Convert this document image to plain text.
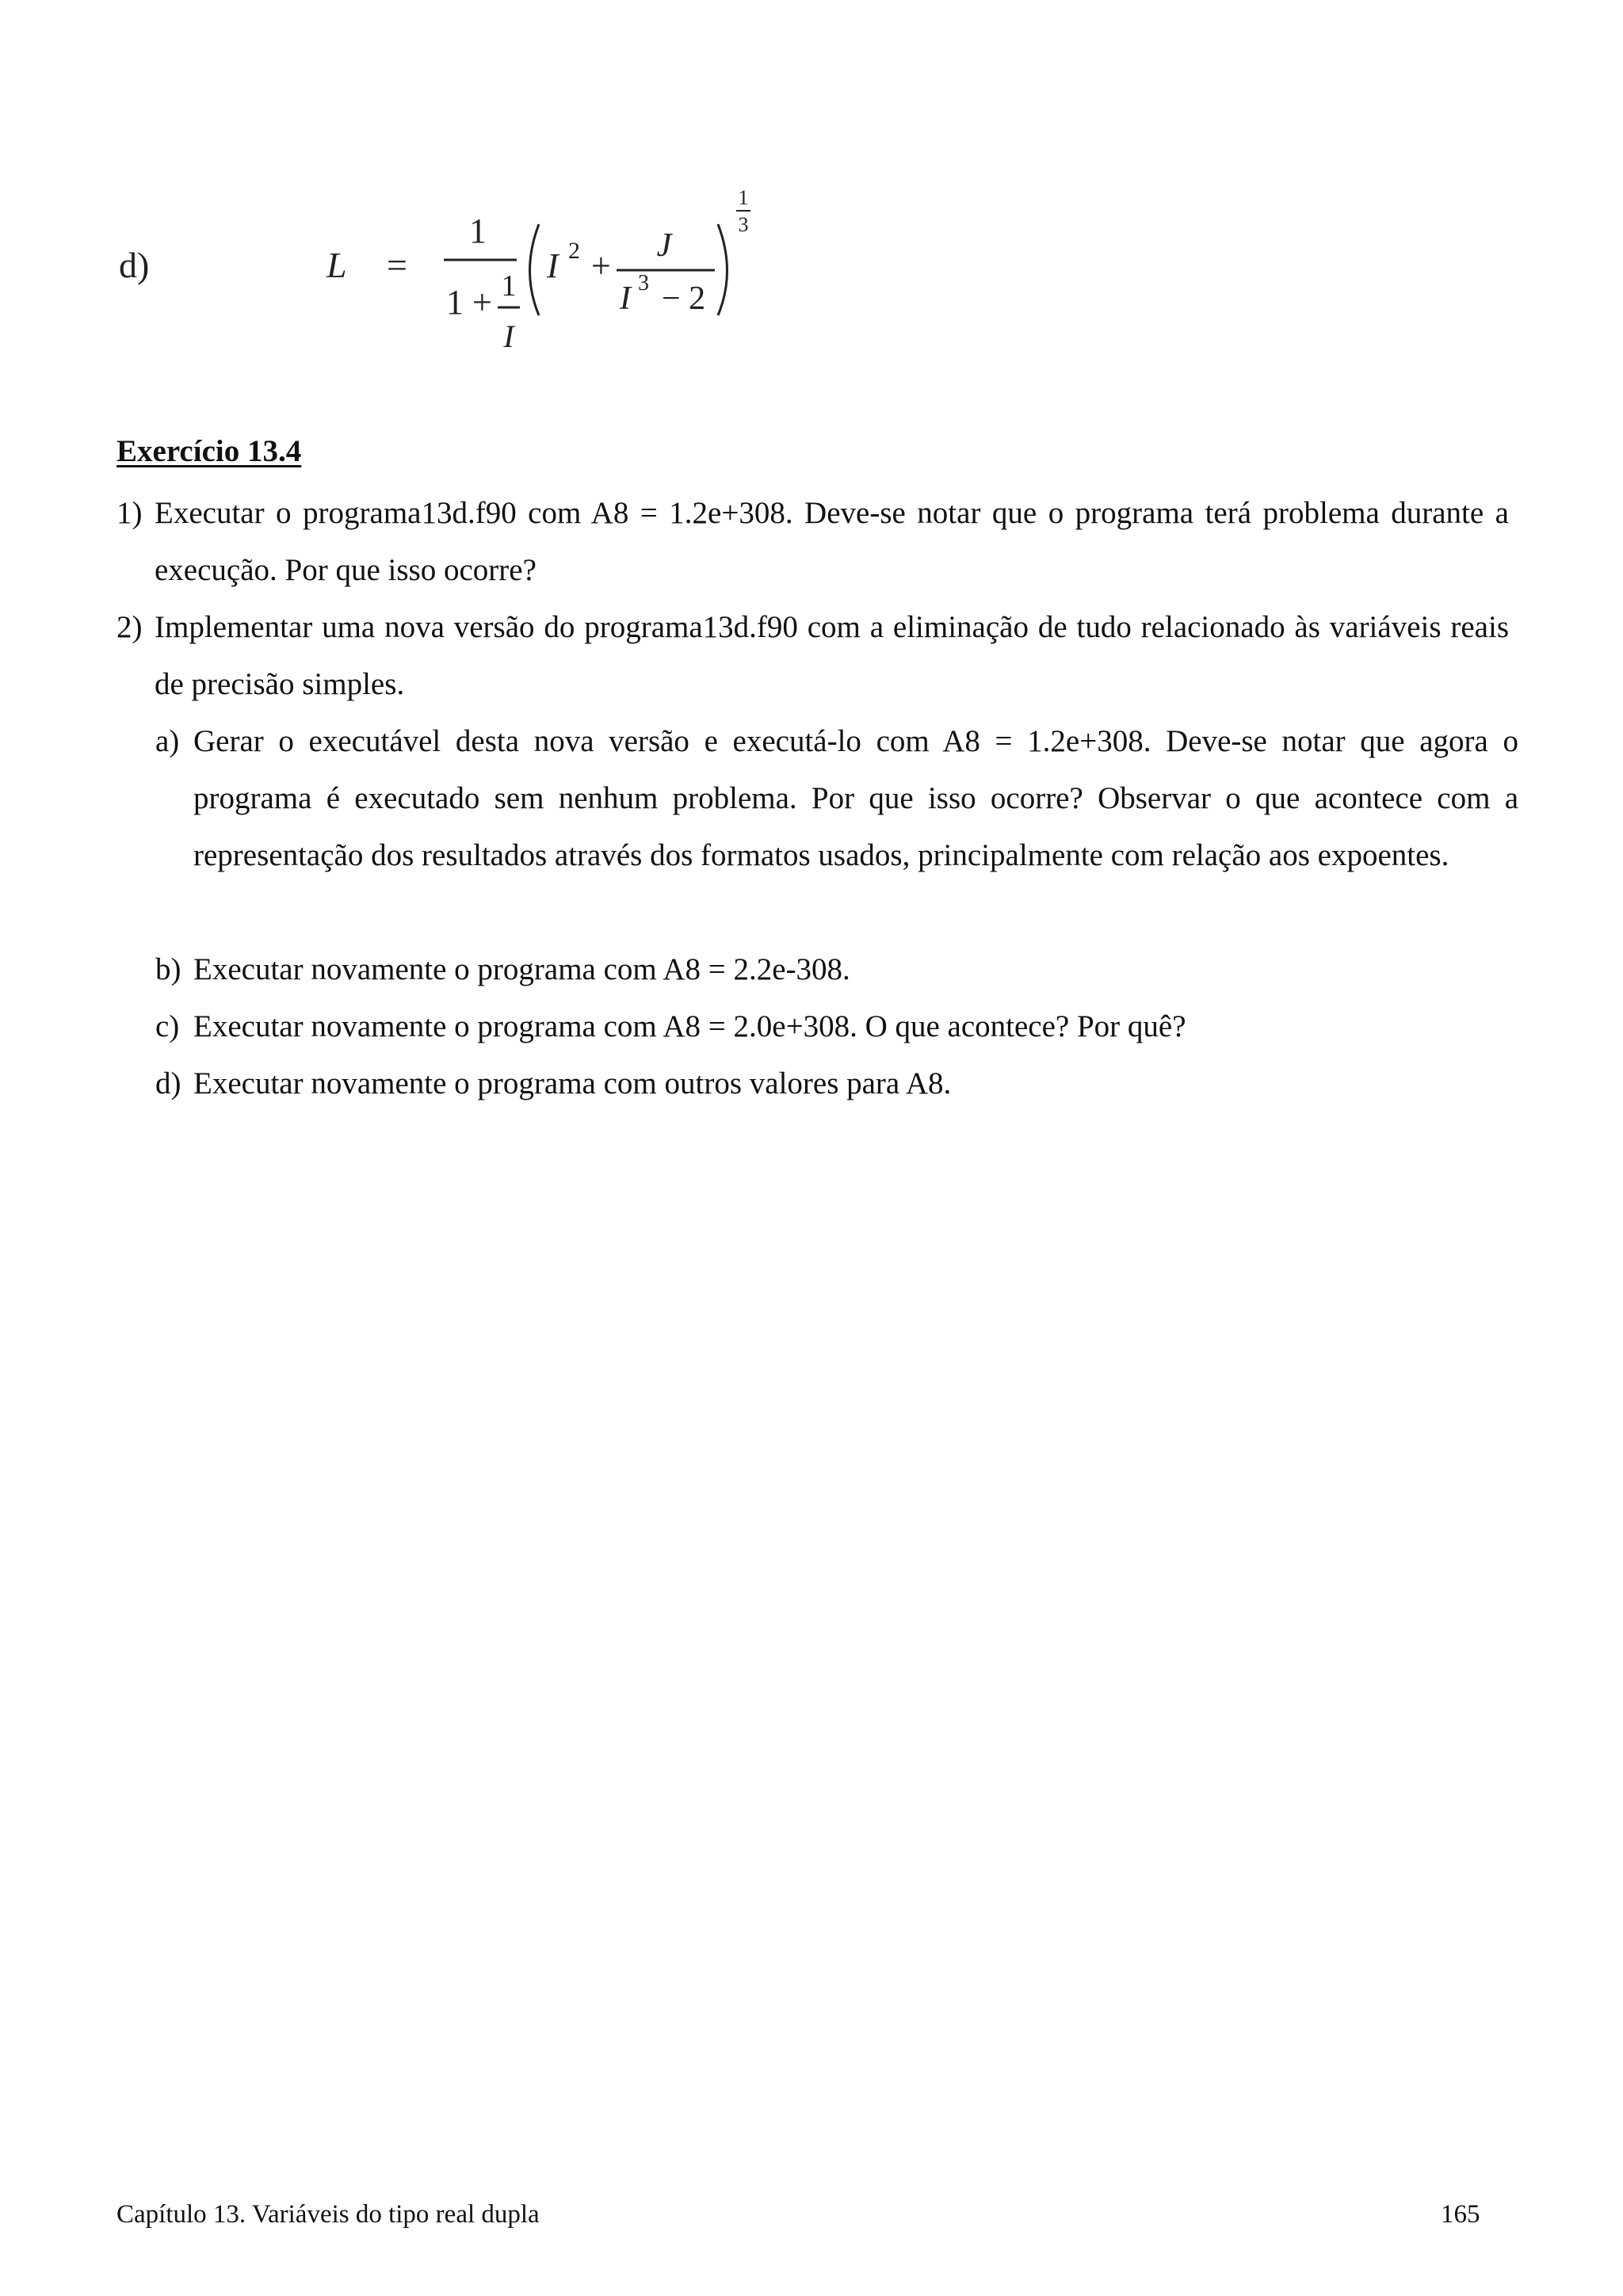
d)	L =
1
1 + 1
I
I 2 +
J
I 3 − 2
1
3
Exercício 13.4
1) Executar o programa13d.f90 com A8 = 1.2e+308. Deve-se notar que o programa terá problema durante a execução. Por que isso ocorre?
2) Implementar uma nova versão do programa13d.f90 com a eliminação de tudo relacionado às variáveis reais de precisão simples.
a) Gerar o executável desta nova versão e executá-lo com A8 = 1.2e+308. Deve-se notar que agora o programa é executado sem nenhum problema. Por que isso ocorre? Observar o que acontece com a representação dos resultados através dos formatos usados, principalmente com relação aos expoentes.
b) Executar novamente o programa com A8 = 2.2e-308.
c) Executar novamente o programa com A8 = 2.0e+308. O que acontece? Por quê?
d) Executar novamente o programa com outros valores para A8.
Capítulo 13. Variáveis do tipo real dupla	165
